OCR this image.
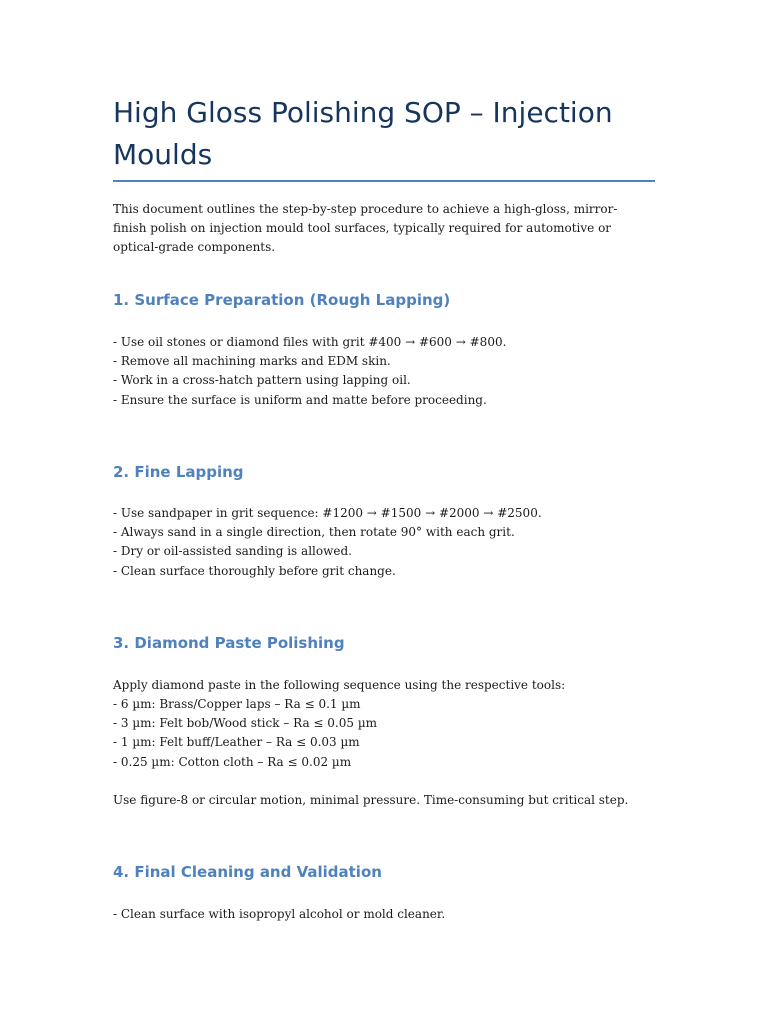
High Gloss Polishing SOP – Injection Moulds

This document outlines the step-by-step procedure to achieve a high-gloss, mirror-finish polish on injection mould tool surfaces, typically required for automotive or optical-grade components.

1. Surface Preparation (Rough Lapping)
- Use oil stones or diamond files with grit #400 → #600 → #800.
- Remove all machining marks and EDM skin.
- Work in a cross-hatch pattern using lapping oil.
- Ensure the surface is uniform and matte before proceeding.
2. Fine Lapping
- Use sandpaper in grit sequence: #1200 → #1500 → #2000 → #2500.
- Always sand in a single direction, then rotate 90° with each grit.
- Dry or oil-assisted sanding is allowed.
- Clean surface thoroughly before grit change.
3. Diamond Paste Polishing

Apply diamond paste in the following sequence using the respective tools:

- 6 µm: Brass/Copper laps – Ra ≤ 0.1 µm
- 3 µm: Felt bob/Wood stick – Ra ≤ 0.05 µm
- 1 µm: Felt buff/Leather – Ra ≤ 0.03 µm
- 0.25 µm: Cotton cloth – Ra ≤ 0.02 µm

Use figure-8 or circular motion, minimal pressure. Time-consuming but critical step.

4. Final Cleaning and Validation
- Clean surface with isopropyl alcohol or mold cleaner.
